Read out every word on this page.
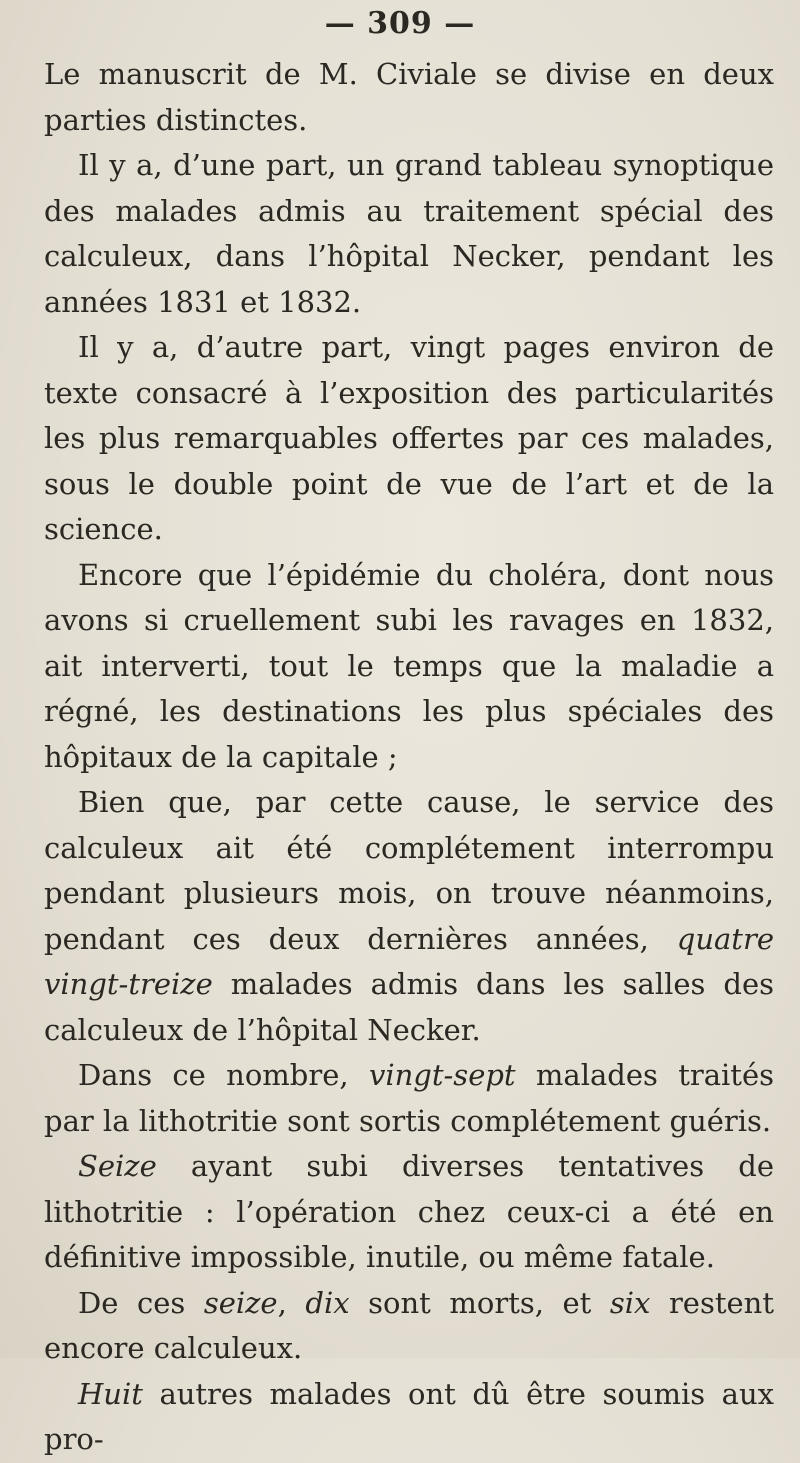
— 309 —

Le manuscrit de M. Civiale se divise en deux parties distinctes.

Il y a, d’une part, un grand tableau synoptique des malades admis au traitement spécial des calculeux, dans l’hôpital Necker, pendant les années 1831 et 1832.

Il y a, d’autre part, vingt pages environ de texte consacré à l’exposition des particularités les plus remarquables offertes par ces malades, sous le double point de vue de l’art et de la science.

Encore que l’épidémie du choléra, dont nous avons si cruellement subi les ravages en 1832, ait interverti, tout le temps que la maladie a régné, les destinations les plus spéciales des hôpitaux de la capitale ;

Bien que, par cette cause, le service des calculeux ait été complétement interrompu pendant plusieurs mois, on trouve néanmoins, pendant ces deux dernières années, quatre vingt-treize malades admis dans les salles des calculeux de l’hôpital Necker.

Dans ce nombre, vingt-sept malades traités par la lithotritie sont sortis complétement guéris.

Seize ayant subi diverses tentatives de lithotritie : l’opération chez ceux-ci a été en définitive impossible, inutile, ou même fatale.

De ces seize, dix sont morts, et six restent encore calculeux.

Huit autres malades ont dû être soumis aux pro-
